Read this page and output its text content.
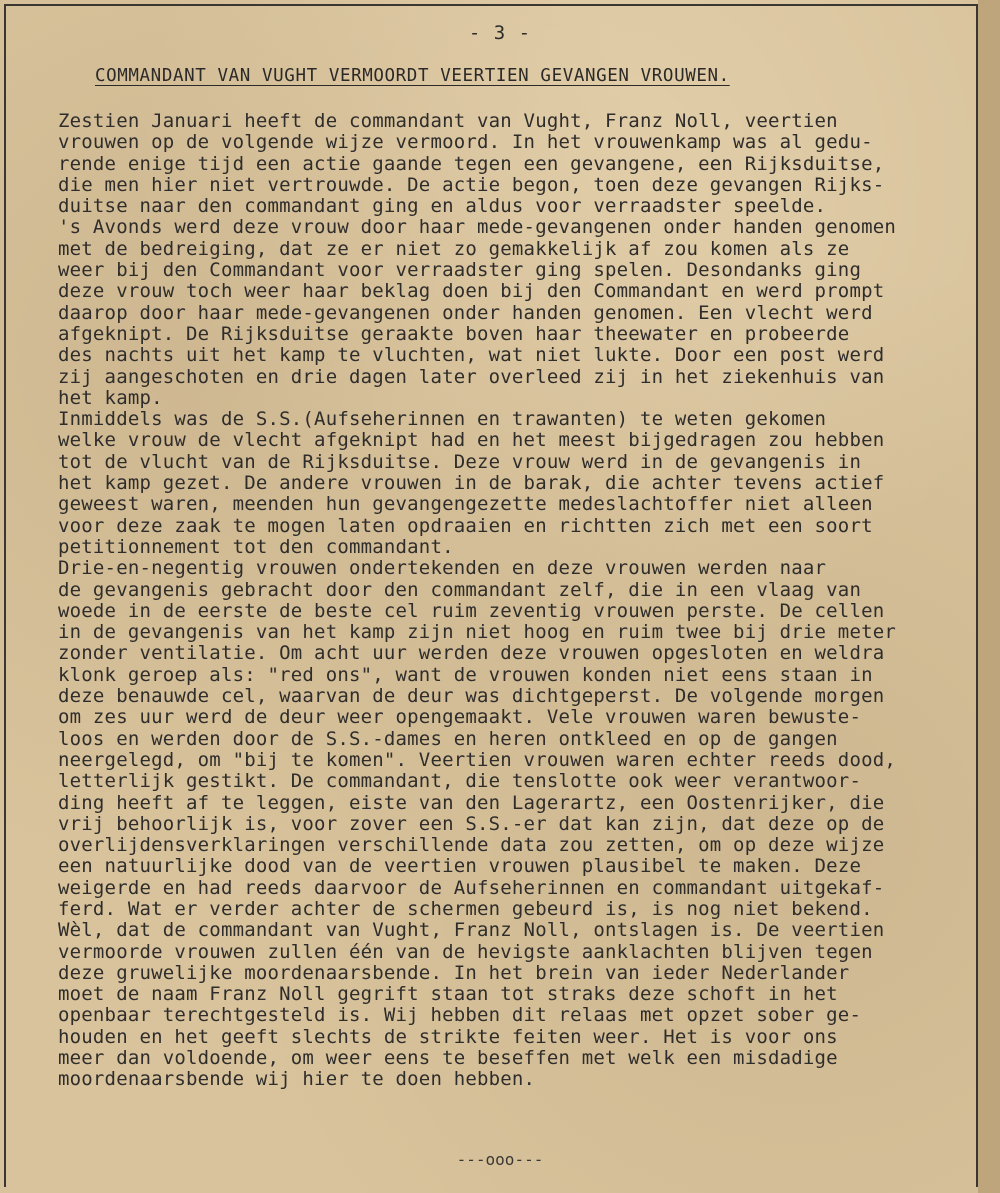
- 3 -
COMMANDANT VAN VUGHT VERMOORDT VEERTIEN GEVANGEN VROUWEN.
Zestien Januari heeft de commandant van Vught, Franz Noll, veertien
vrouwen op de volgende wijze vermoord. In het vrouwenkamp was al gedu-
rende enige tijd een actie gaande tegen een gevangene, een Rijksduitse,
die men hier niet vertrouwde. De actie begon, toen deze gevangen Rijks-
duitse naar den commandant ging en aldus voor verraadster speelde.
's Avonds werd deze vrouw door haar mede-gevangenen onder handen genomen
met de bedreiging, dat ze er niet zo gemakkelijk af zou komen als ze
weer bij den Commandant voor verraadster ging spelen. Desondanks ging
deze vrouw toch weer haar beklag doen bij den Commandant en werd prompt
daarop door haar mede-gevangenen onder handen genomen. Een vlecht werd
afgeknipt. De Rijksduitse geraakte boven haar theewater en probeerde
des nachts uit het kamp te vluchten, wat niet lukte. Door een post werd
zij aangeschoten en drie dagen later overleed zij in het ziekenhuis van
het kamp.
Inmiddels was de S.S.(Aufseherinnen en trawanten) te weten gekomen
welke vrouw de vlecht afgeknipt had en het meest bijgedragen zou hebben
tot de vlucht van de Rijksduitse. Deze vrouw werd in de gevangenis in
het kamp gezet. De andere vrouwen in de barak, die achter tevens actief
geweest waren, meenden hun gevangengezette medeslachtoffer niet alleen
voor deze zaak te mogen laten opdraaien en richtten zich met een soort
petitionnement tot den commandant.
Drie-en-negentig vrouwen ondertekenden en deze vrouwen werden naar
de gevangenis gebracht door den commandant zelf, die in een vlaag van
woede in de eerste de beste cel ruim zeventig vrouwen perste. De cellen
in de gevangenis van het kamp zijn niet hoog en ruim twee bij drie meter
zonder ventilatie. Om acht uur werden deze vrouwen opgesloten en weldra
klonk geroep als: "red ons", want de vrouwen konden niet eens staan in
deze benauwde cel, waarvan de deur was dichtgeperst. De volgende morgen
om zes uur werd de deur weer opengemaakt. Vele vrouwen waren bewuste-
loos en werden door de S.S.-dames en heren ontkleed en op de gangen
neergelegd, om "bij te komen". Veertien vrouwen waren echter reeds dood,
letterlijk gestikt. De commandant, die tenslotte ook weer verantwoor-
ding heeft af te leggen, eiste van den Lagerartz, een Oostenrijker, die
vrij behoorlijk is, voor zover een S.S.-er dat kan zijn, dat deze op de
overlijdensverklaringen verschillende data zou zetten, om op deze wijze
een natuurlijke dood van de veertien vrouwen plausibel te maken. Deze
weigerde en had reeds daarvoor de Aufseherinnen en commandant uitgekaf-
ferd. Wat er verder achter de schermen gebeurd is, is nog niet bekend.
Wèl, dat de commandant van Vught, Franz Noll, ontslagen is. De veertien
vermoorde vrouwen zullen één van de hevigste aanklachten blijven tegen
deze gruwelijke moordenaarsbende. In het brein van ieder Nederlander
moet de naam Franz Noll gegrift staan tot straks deze schoft in het
openbaar terechtgesteld is. Wij hebben dit relaas met opzet sober ge-
houden en het geeft slechts de strikte feiten weer. Het is voor ons
meer dan voldoende, om weer eens te beseffen met welk een misdadige
moordenaarsbende wij hier te doen hebben.
---ooo---
